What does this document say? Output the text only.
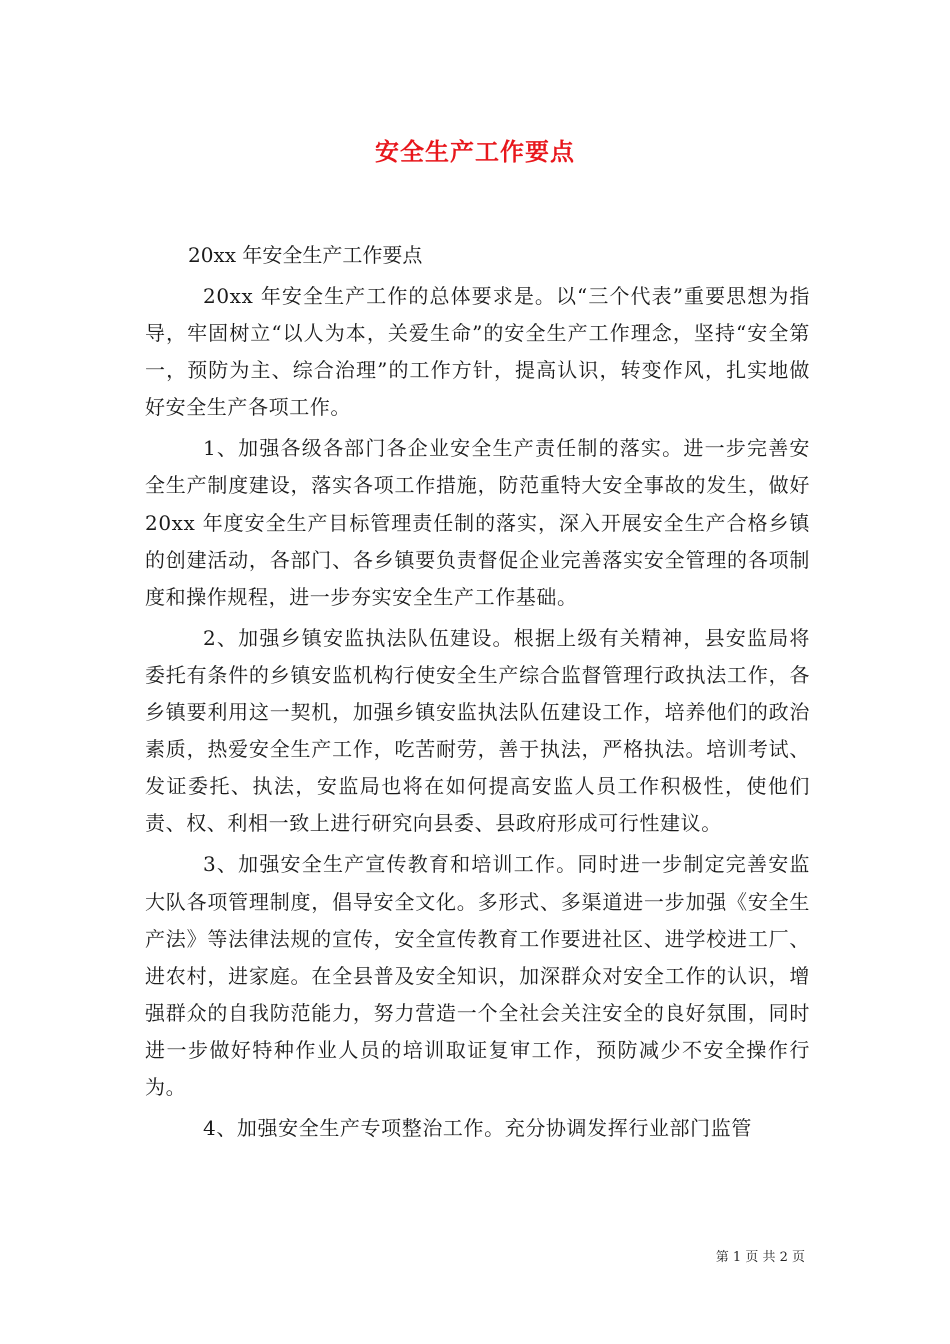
安全生产工作要点

20xx 年安全生产工作要点

20xx 年安全生产工作的总体要求是。以“三个代表”重要思想为指导，牢固树立“以人为本，关爱生命”的安全生产工作理念，坚持“安全第一，预防为主、综合治理”的工作方针，提高认识，转变作风，扎实地做好安全生产各项工作。

1、加强各级各部门各企业安全生产责任制的落实。进一步完善安全生产制度建设，落实各项工作措施，防范重特大安全事故的发生，做好 20xx 年度安全生产目标管理责任制的落实，深入开展安全生产合格乡镇的创建活动，各部门、各乡镇要负责督促企业完善落实安全管理的各项制度和操作规程，进一步夯实安全生产工作基础。

2、加强乡镇安监执法队伍建设。根据上级有关精神，县安监局将委托有条件的乡镇安监机构行使安全生产综合监督管理行政执法工作，各乡镇要利用这一契机，加强乡镇安监执法队伍建设工作，培养他们的政治素质，热爱安全生产工作，吃苦耐劳，善于执法，严格执法。培训考试、发证委托、执法，安监局也将在如何提高安监人员工作积极性，使他们责、权、利相一致上进行研究向县委、县政府形成可行性建议。

3、加强安全生产宣传教育和培训工作。同时进一步制定完善安监大队各项管理制度，倡导安全文化。多形式、多渠道进一步加强《安全生产法》等法律法规的宣传，安全宣传教育工作要进社区、进学校进工厂、进农村，进家庭。在全县普及安全知识，加深群众对安全工作的认识，增强群众的自我防范能力，努力营造一个全社会关注安全的良好氛围，同时进一步做好特种作业人员的培训取证复审工作，预防减少不安全操作行为。

4、加强安全生产专项整治工作。充分协调发挥行业部门监管

第 1 页 共 2 页
